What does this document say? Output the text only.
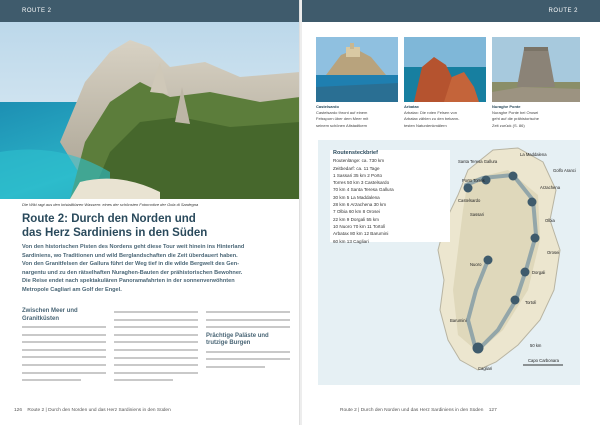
ROUTE 2
Die Wiki ragt aus den kristallklaren Wassern: eines der schönsten Fotomotive der Gola di Sardegna
Route 2: Durch den Norden und
das Herz Sardiniens in den Süden
Von den historischen Pisten des Nordens geht diese Tour weit hinein ins Hinterland
Sardiniens, wo Traditionen und wild Berglandschaften die Zeit überdauert haben.
Von den Granitfelsen der Gallura führt der Weg tief in die wilde Bergwelt des Gen-
nargentu und zu den rätselhaften Nuraghen-Bauten der prähistorischen Bewohner.
Die Reise endet nach spektakulären Panoramafahrten in der sonnenverwöhnten
Metropole Cagliari am Golf der Engel.
Zwischen Meer und Granitküsten
Prächtige Paläste und trutzige Burgen
126 Route 2 | Durch den Norden und das Herz Sardiniens in den Süden
ROUTE 2
Castelsardo
Castelsardo thront auf einem
Felssporn über dem Meer mit
seinem schönen Altstadtkern
Arbatax
Arbatax: Die roten Felsen von
Arbatax zählen zu den bekann-
testen Naturdenkmälern
Nuraghe Ponte
Nuraghe Ponte bei Orosei
geht auf die prähistorische
Zeit zurück (S. 86)
Routensteckbrief
Routenlänge: ca. 730 km
Zeitbedarf: ca. 11 Tage
1 Sassari 35 km 2 Porto
Torres 50 km 3 Castelsardo
70 km 4 Santa Teresa Gallura
30 km 5 La Maddalena
28 km 6 Arzachena 30 km
7 Olbia 60 km 8 Orosei
22 km 9 Dorgali 55 km
10 Nuoro 70 km 11 Tortolì
Arbatax 80 km 12 Barumini
60 km 13 Cagliari
Santa Teresa Gallura
La Maddalena
Arzachena
Castelsardo
Porto Torres
Sassari
Olbia
Orosei
Dorgali
Nuoro
Tortolì
Barumini
Cagliari
Golfo Aranci
Capo Carbonara
50 km
Route 2 | Durch den Norden und das Herz Sardiniens in den Süden 127
